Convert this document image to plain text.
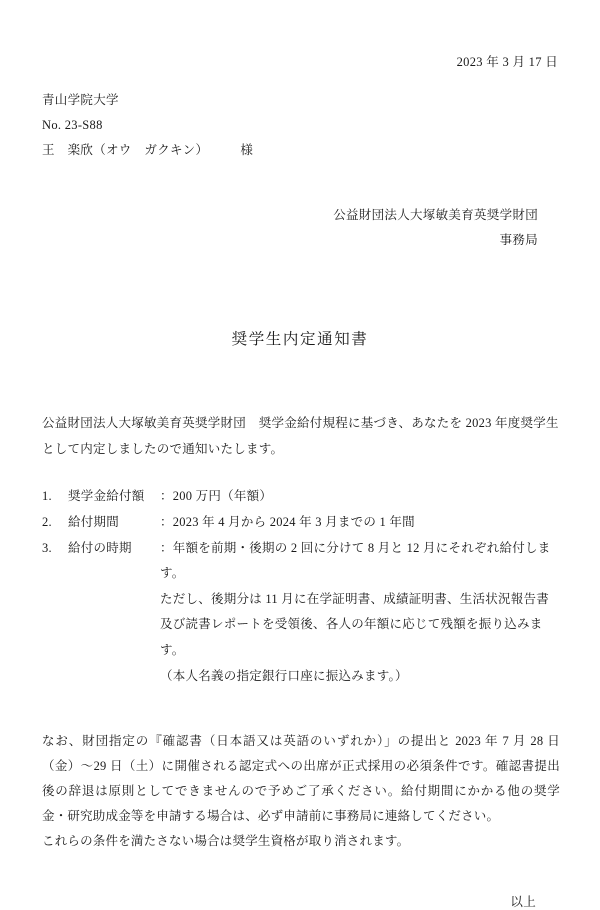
2023 年 3 月 17 日
青山学院大学
No. 23-S88
王　楽欣（オウ　ガクキン）　　　様
公益財団法人大塚敏美育英奨学財団
事務局
奨学生内定通知書
公益財団法人大塚敏美育英奨学財団　奨学金給付規程に基づき、あなたを 2023 年度奨学生として内定しましたので通知いたします。
1.	奨学金給付額	：200 万円（年額）
2.	給付期間	：2023 年 4 月から 2024 年 3 月までの 1 年間
3.	給付の時期	：年額を前期・後期の 2 回に分けて 8 月と 12 月にそれぞれ給付します。
ただし、後期分は 11 月に在学証明書、成績証明書、生活状況報告書及び読書レポートを受領後、各人の年額に応じて残額を振り込みます。
（本人名義の指定銀行口座に振込みます。）

なお、財団指定の『確認書（日本語又は英語のいずれか）」の提出と 2023 年 7 月 28 日（金）～29 日（土）に開催される認定式への出席が正式採用の必須条件です。確認書提出後の辞退は原則としてできませんので予めご了承ください。給付期間にかかる他の奨学金・研究助成金等を申請する場合は、必ず申請前に事務局に連絡してください。

これらの条件を満たさない場合は奨学生資格が取り消されます。

以上
